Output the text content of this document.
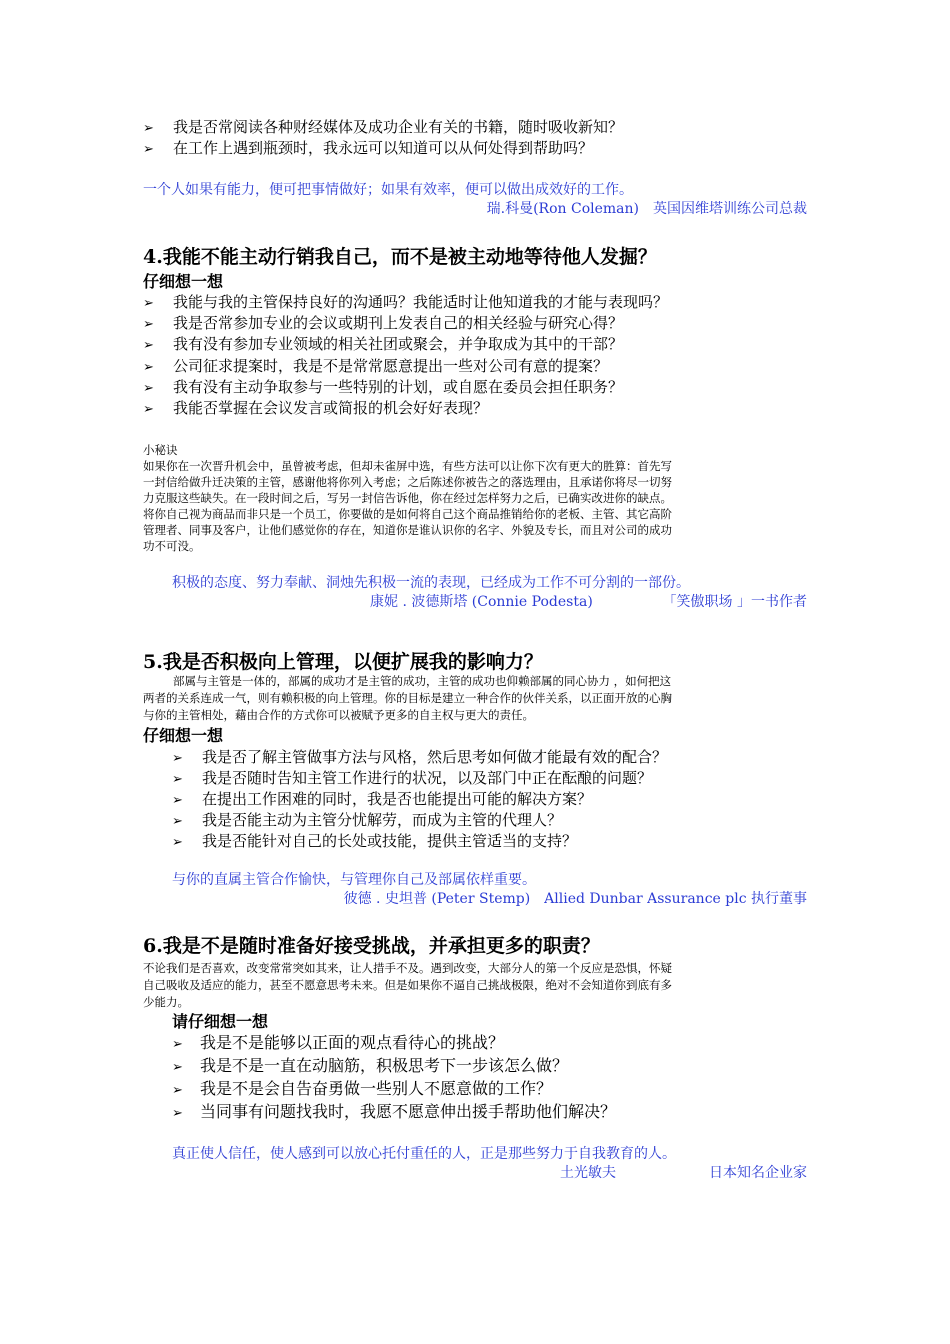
➢ 我是否常阅读各种财经媒体及成功企业有关的书籍，随时吸收新知？
➢ 在工作上遇到瓶颈时，我永远可以知道可以从何处得到帮助吗？
一个人如果有能力，便可把事情做好；如果有效率，便可以做出成效好的工作。
瑞.科曼(Ron Coleman)　英国因维塔训练公司总裁
4.我能不能主动行销我自己，而不是被主动地等待他人发掘？
仔细想一想
➢ 我能与我的主管保持良好的沟通吗？我能适时让他知道我的才能与表现吗？
➢ 我是否常参加专业的会议或期刊上发表自己的相关经验与研究心得？
➢ 我有没有参加专业领域的相关社团或聚会，并争取成为其中的干部？
➢ 公司征求提案时，我是不是常常愿意提出一些对公司有意的提案？
➢ 我有没有主动争取参与一些特别的计划，或自愿在委员会担任职务？
➢ 我能否掌握在会议发言或简报的机会好好表现？
小秘诀
如果你在一次晋升机会中，虽曾被考虑，但却未雀屏中选，有些方法可以让你下次有更大的胜算：首先写
一封信给做升迁决策的主管，感谢他将你列入考虑；之后陈述你被告之的落选理由，且承诺你将尽一切努
力克服这些缺失。在一段时间之后，写另一封信告诉他，你在经过怎样努力之后，已确实改进你的缺点。
将你自己视为商品而非只是一个员工，你要做的是如何将自己这个商品推销给你的老板、主管、其它高阶
管理者、同事及客户，让他们感觉你的存在，知道你是谁认识你的名字、外貌及专长，而且对公司的成功
功不可没。
积极的态度、努力奉献、洞烛先积极一流的表现，已经成为工作不可分割的一部份。
康妮 . 波德斯塔 (Connie Podesta)	「笑傲职场 」一书作者
5.我是否积极向上管理，以便扩展我的影响力？
部属与主管是一体的，部属的成功才是主管的成功，主管的成功也仰赖部属的同心协力 ，如何把这
两者的关系连成一气，则有赖积极的向上管理。你的目标是建立一种合作的伙伴关系，以正面开放的心胸
与你的主管相处，藉由合作的方式你可以被赋予更多的自主权与更大的责任。
仔细想一想
➢ 我是否了解主管做事方法与风格，然后思考如何做才能最有效的配合？
➢ 我是否随时告知主管工作进行的状况，以及部门中正在酝酿的问题？
➢ 在提出工作困难的同时，我是否也能提出可能的解决方案？
➢ 我是否能主动为主管分忧解劳，而成为主管的代理人？
➢ 我是否能针对自己的长处或技能，提供主管适当的支持？
与你的直属主管合作愉快，与管理你自己及部属依样重要。
彼德 . 史坦普 (Peter Stemp)　Allied Dunbar Assurance plc 执行董事
6.我是不是随时准备好接受挑战，并承担更多的职责？
不论我们是否喜欢，改变常常突如其来，让人措手不及。遇到改变，大部分人的第一个反应是恐惧，怀疑
自己吸收及适应的能力，甚至不愿意思考未来。但是如果你不逼自己挑战极限，绝对不会知道你到底有多
少能力。
请仔细想一想
➢ 我是不是能够以正面的观点看待心的挑战？
➢ 我是不是一直在动脑筋，积极思考下一步该怎么做？
➢ 我是不是会自告奋勇做一些别人不愿意做的工作？
➢ 当同事有问题找我时，我愿不愿意伸出援手帮助他们解决？
真正使人信任，使人感到可以放心托付重任的人，正是那些努力于自我教育的人。
土光敏夫	日本知名企业家
